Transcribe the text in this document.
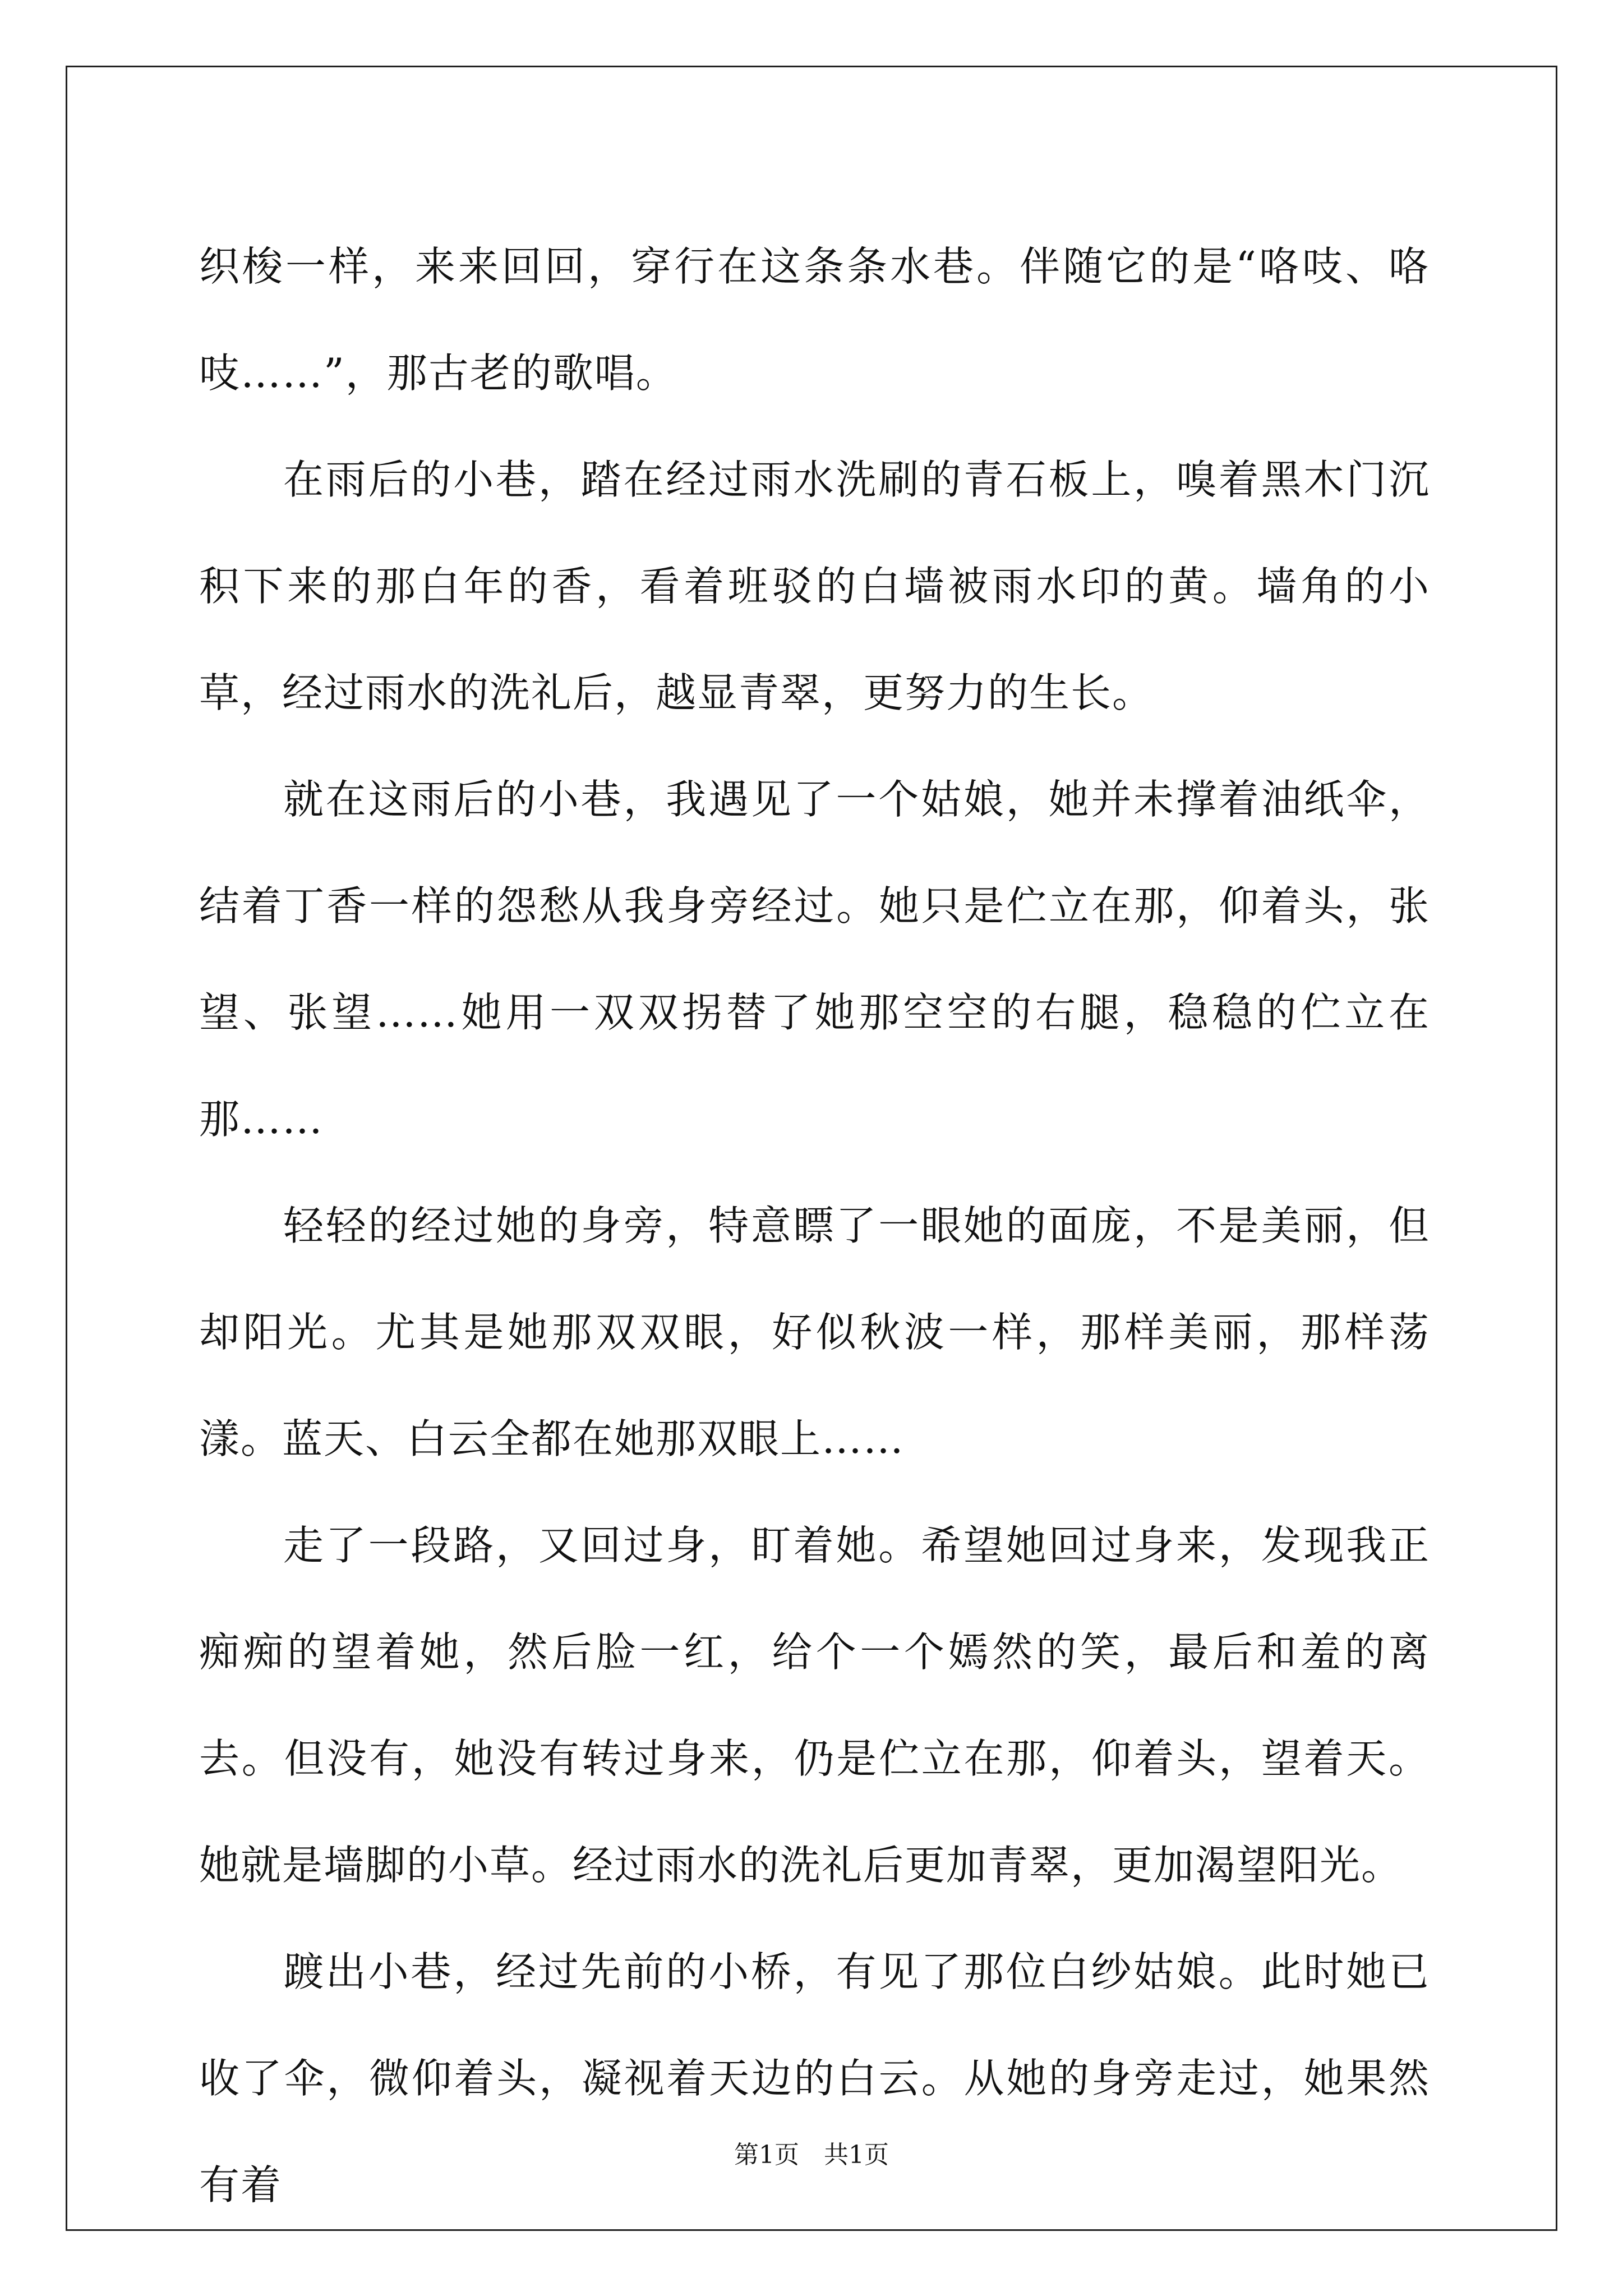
织梭一样，来来回回，穿行在这条条水巷。伴随它的是“咯吱、咯吱……”，那古老的歌唱。

在雨后的小巷，踏在经过雨水洗刷的青石板上，嗅着黑木门沉积下来的那白年的香，看着班驳的白墙被雨水印的黄。墙角的小草，经过雨水的洗礼后，越显青翠，更努力的生长。

就在这雨后的小巷，我遇见了一个姑娘，她并未撑着油纸伞，结着丁香一样的怨愁从我身旁经过。她只是伫立在那，仰着头，张望、张望……她用一双双拐替了她那空空的右腿，稳稳的伫立在那……

轻轻的经过她的身旁，特意瞟了一眼她的面庞，不是美丽，但却阳光。尤其是她那双双眼，好似秋波一样，那样美丽，那样荡漾。蓝天、白云全都在她那双眼上……

走了一段路，又回过身，盯着她。希望她回过身来，发现我正痴痴的望着她，然后脸一红，给个一个嫣然的笑，最后和羞的离去。但没有，她没有转过身来，仍是伫立在那，仰着头，望着天。她就是墙脚的小草。经过雨水的洗礼后更加青翠，更加渴望阳光。

踱出小巷，经过先前的小桥，有见了那位白纱姑娘。此时她已收了伞，微仰着头，凝视着天边的白云。从她的身旁走过，她果然有着

第1页　共1页
